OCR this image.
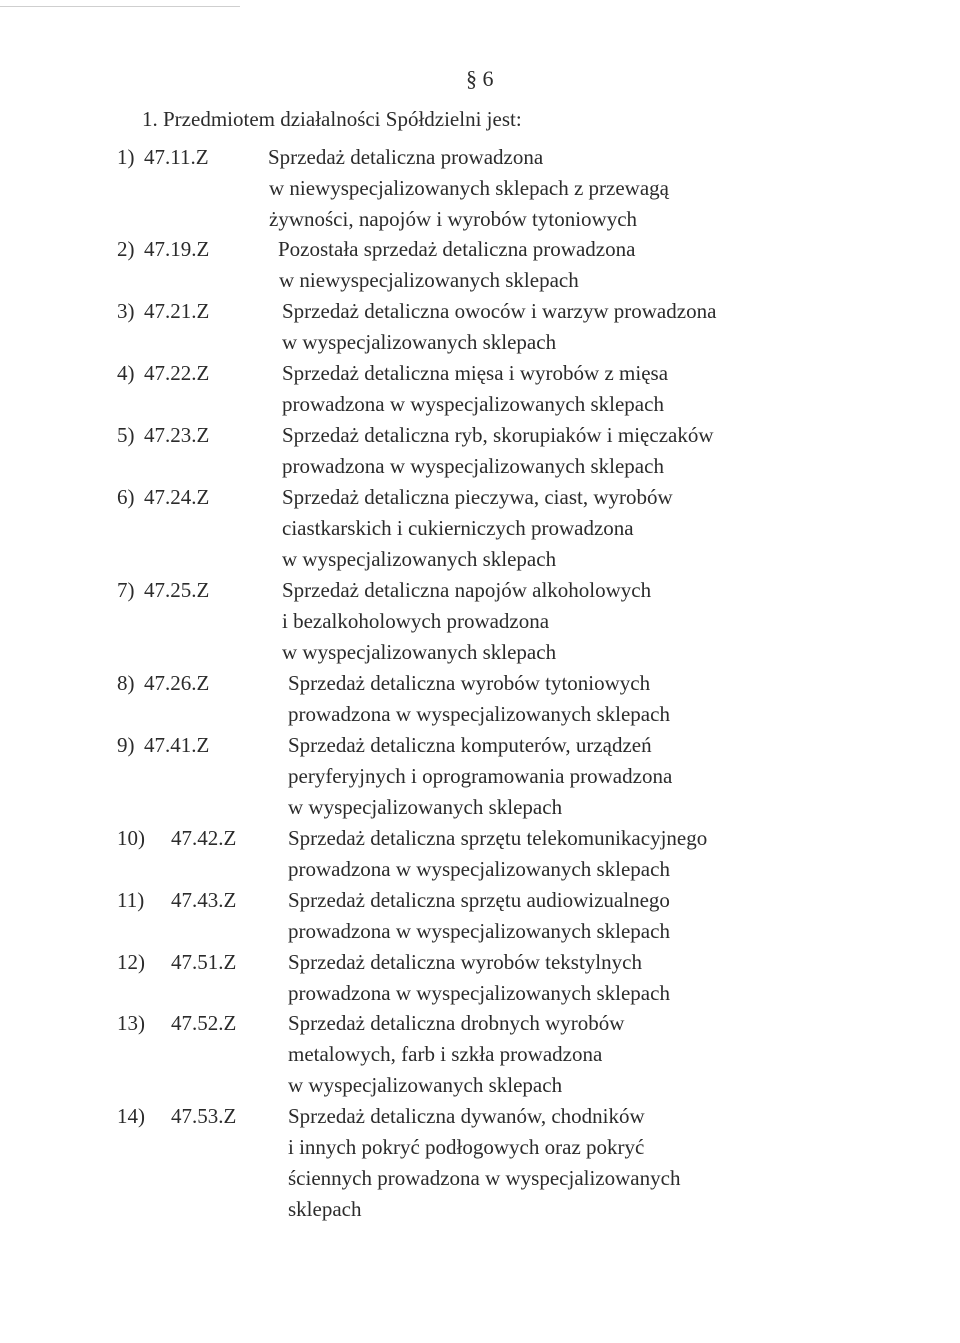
§ 6
1. Przedmiotem działalności Spółdzielni jest:
1) 47.11.Z	Sprzedaż detaliczna prowadzona
w niewyspecjalizowanych sklepach z przewagą
żywności, napojów i wyrobów tytoniowych
2) 47.19.Z	Pozostała sprzedaż detaliczna prowadzona
w niewyspecjalizowanych sklepach
3) 47.21.Z	Sprzedaż detaliczna owoców i warzyw prowadzona
w wyspecjalizowanych sklepach
4) 47.22.Z	Sprzedaż detaliczna mięsa i wyrobów z mięsa
prowadzona w wyspecjalizowanych sklepach
5) 47.23.Z	Sprzedaż detaliczna ryb, skorupiaków i mięczaków
prowadzona w wyspecjalizowanych sklepach
6) 47.24.Z	Sprzedaż detaliczna pieczywa, ciast, wyrobów
ciastkarskich i cukierniczych prowadzona
w wyspecjalizowanych sklepach
7) 47.25.Z	Sprzedaż detaliczna napojów alkoholowych
i bezalkoholowych prowadzona
w wyspecjalizowanych sklepach
8) 47.26.Z	Sprzedaż detaliczna wyrobów tytoniowych
prowadzona w wyspecjalizowanych sklepach
9) 47.41.Z	Sprzedaż detaliczna komputerów, urządzeń
peryferyjnych i oprogramowania prowadzona
w wyspecjalizowanych sklepach
10) 47.42.Z Sprzedaż detaliczna sprzętu telekomunikacyjnego
prowadzona w wyspecjalizowanych sklepach
11) 47.43.Z Sprzedaż detaliczna sprzętu audiowizualnego
prowadzona w wyspecjalizowanych sklepach
12) 47.51.Z Sprzedaż detaliczna wyrobów tekstylnych
prowadzona w wyspecjalizowanych sklepach
13) 47.52.Z Sprzedaż detaliczna drobnych wyrobów
metalowych, farb i szkła prowadzona
w wyspecjalizowanych sklepach
14) 47.53.Z Sprzedaż detaliczna dywanów, chodników
i innych pokryć podłogowych oraz pokryć
ściennych prowadzona w wyspecjalizowanych
sklepach
